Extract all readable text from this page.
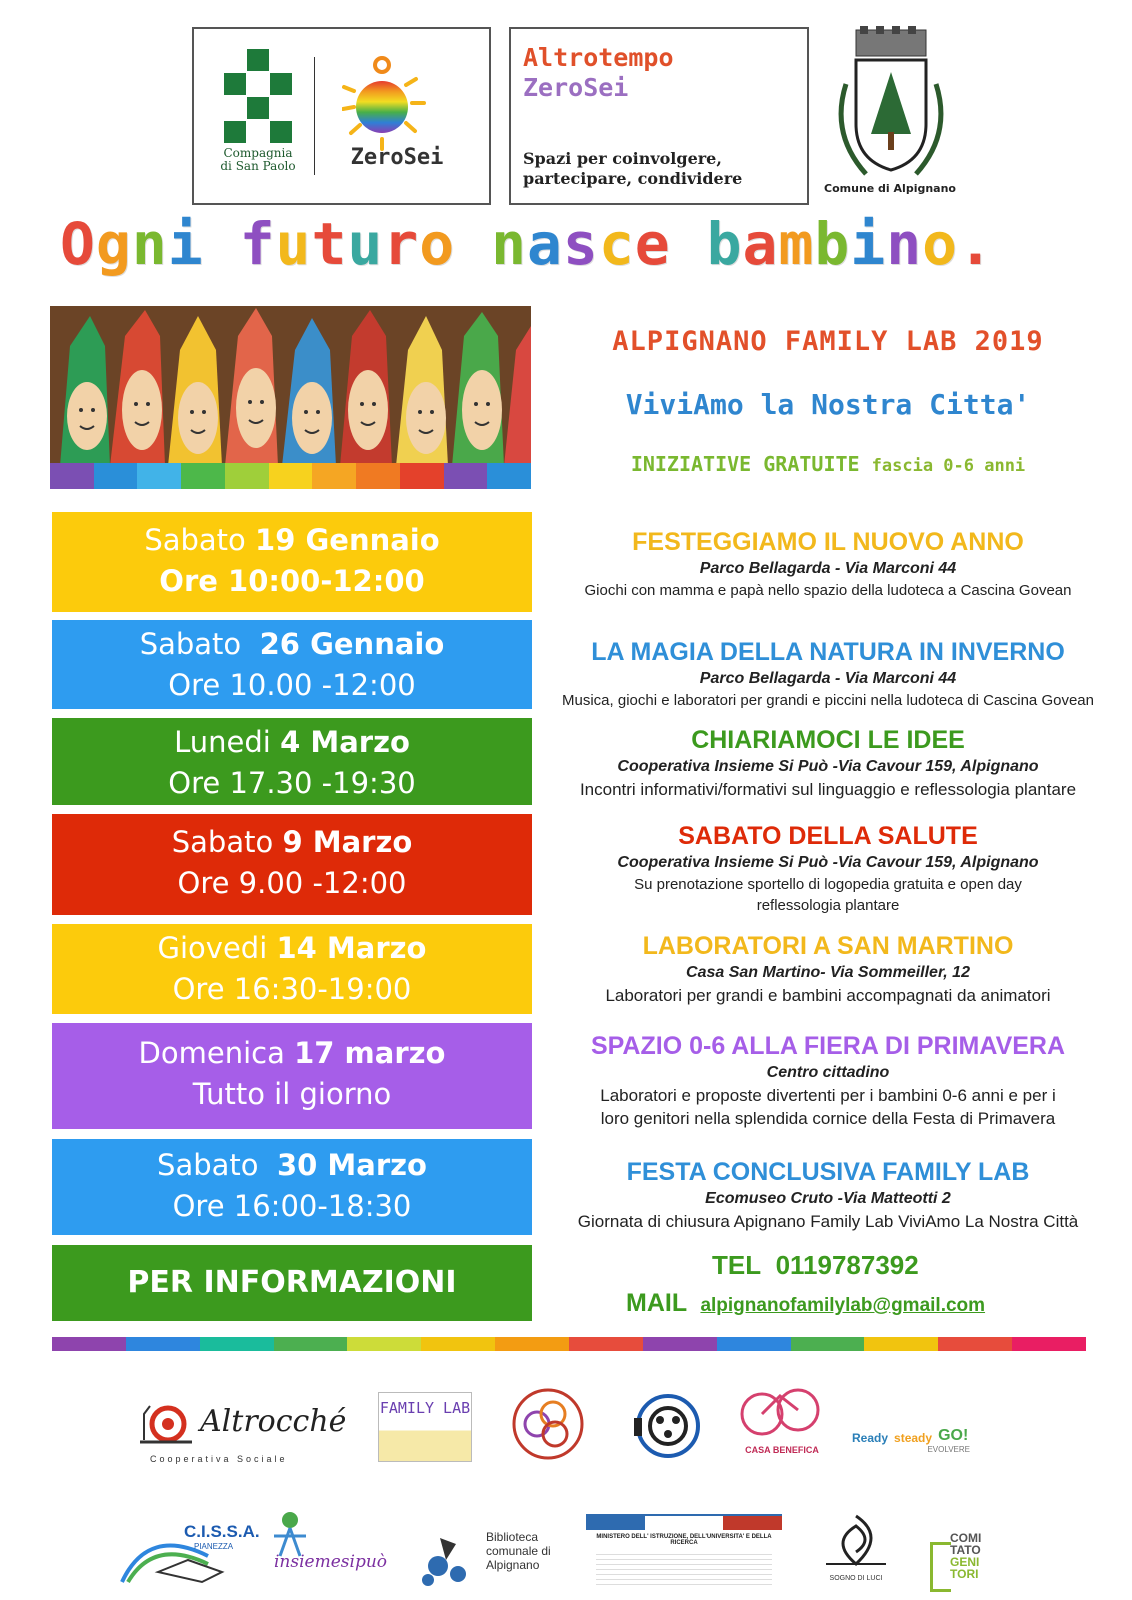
Compagnia
di San Paolo	ZeroSei
Altrotempo
ZeroSei
Spazi per coinvolgere,
partecipare, condividere
Comune di Alpignano
Ogni futuro nasce bambino.
ALPIGNANO FAMILY LAB 2019
ViviAmo la Nostra Citta'
INIZIATIVE GRATUITE fascia 0-6 anni
Sabato 19 Gennaio
Ore 10:00-12:00
Sabato 26 Gennaio
Ore 10.00 -12:00
Lunedi 4 Marzo
Ore 17.30 -19:30
Sabato 9 Marzo
Ore 9.00 -12:00
Giovedi 14 Marzo
Ore 16:30-19:00
Domenica 17 marzo
Tutto il giorno
Sabato 30 Marzo
Ore 16:00-18:30
PER INFORMAZIONI
FESTEGGIAMO IL NUOVO ANNO
Parco Bellagarda - Via Marconi 44
Giochi con mamma e papà nello spazio della ludoteca a Cascina Govean
LA MAGIA DELLA NATURA IN INVERNO
Parco Bellagarda - Via Marconi 44
Musica, giochi e laboratori per grandi e piccini nella ludoteca di Cascina Govean
CHIARIAMOCI LE IDEE
Cooperativa Insieme Si Può -Via Cavour 159, Alpignano
Incontri informativi/formativi sul linguaggio e reflessologia plantare
SABATO DELLA SALUTE
Cooperativa Insieme Si Può -Via Cavour 159, Alpignano
Su prenotazione sportello di logopedia gratuita e open day reflessologia plantare
LABORATORI A SAN MARTINO
Casa San Martino- Via Sommeiller, 12
Laboratori per grandi e bambini accompagnati da animatori
SPAZIO 0-6 ALLA FIERA DI PRIMAVERA
Centro cittadino
Laboratori e proposte divertenti per i bambini 0-6 anni e per i loro genitori nella splendida cornice della Festa di Primavera
FESTA CONCLUSIVA FAMILY LAB
Ecomuseo Cruto -Via Matteotti 2
Giornata di chiusura Apignano Family Lab ViviAmo La Nostra Città
TEL 0119787392
MAIL alpignanofamilylab@gmail.com
Altrocché
Cooperativa Sociale
FAMILY LAB
CASA BENEFICA
Ready steady GO!
EVOLVERE
C.I.S.S.A.
PIANEZZA
insiemesipuò
Biblioteca
comunale di
Alpignano
MINISTERO DELL' ISTRUZIONE, DELL'UNIVERSITA' E DELLA RICERCA
SOGNO DI LUCI
COMI
TATO
GENI
TORI
